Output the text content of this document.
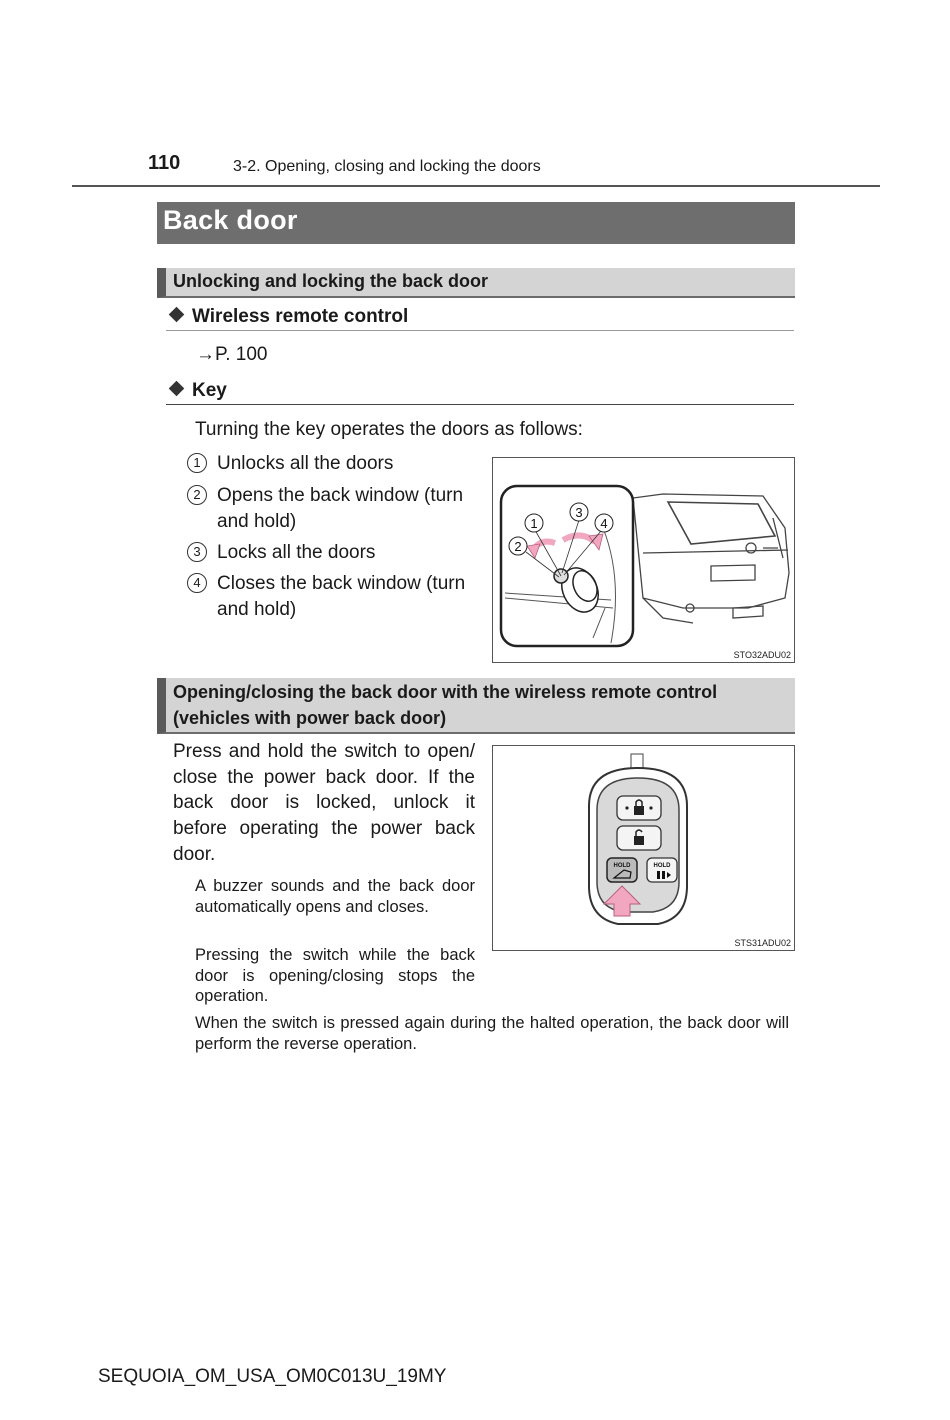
110	3-2. Opening, closing and locking the doors
Back door
Unlocking and locking the back door
Wireless remote control
→P. 100
Key
Turning the key operates the doors as follows:
1 Unlocks all the doors
2 Opens the back window (turn and hold)
3 Locks all the doors
4 Closes the back window (turn and hold)
1
2
3
4
STO32ADU02
Opening/closing the back door with the wireless remote control
(vehicles with power back door)
Press and hold the switch to open/ close the power back door. If the back door is locked, unlock it before operating the power back door.
A buzzer sounds and the back door automatically opens and closes.
Pressing the switch while the back door is opening/closing stops the operation.
When the switch is pressed again during the halted operation, the back door will perform the reverse operation.
HOLD	HOLD
STS31ADU02
SEQUOIA_OM_USA_OM0C013U_19MY
